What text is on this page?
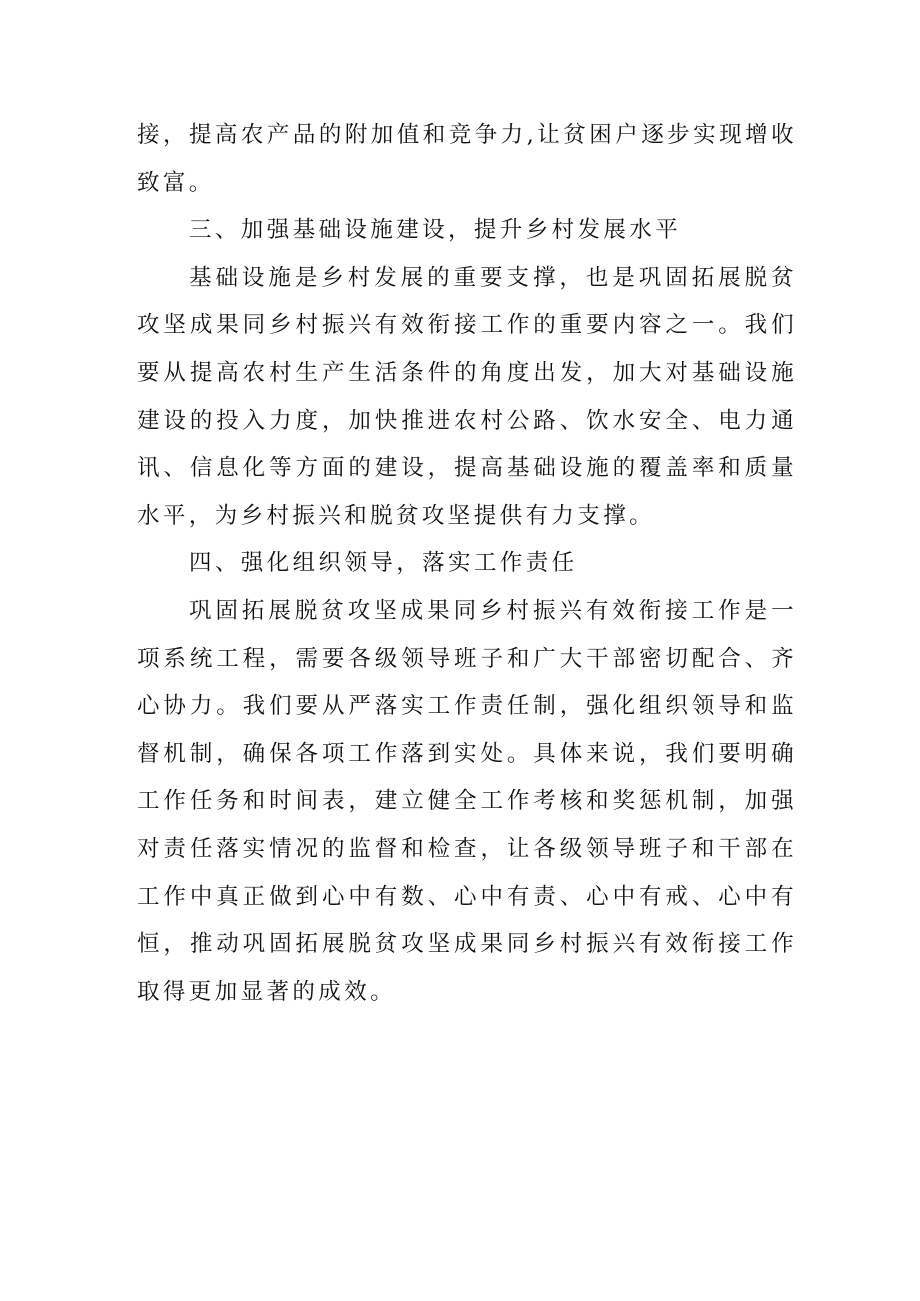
接，提高农产品的附加值和竞争力,让贫困户逐步实现增收致富。

三、加强基础设施建设，提升乡村发展水平

基础设施是乡村发展的重要支撑，也是巩固拓展脱贫攻坚成果同乡村振兴有效衔接工作的重要内容之一。我们要从提高农村生产生活条件的角度出发，加大对基础设施建设的投入力度，加快推进农村公路、饮水安全、电力通讯、信息化等方面的建设，提高基础设施的覆盖率和质量水平，为乡村振兴和脱贫攻坚提供有力支撑。

四、强化组织领导，落实工作责任

巩固拓展脱贫攻坚成果同乡村振兴有效衔接工作是一项系统工程，需要各级领导班子和广大干部密切配合、齐心协力。我们要从严落实工作责任制，强化组织领导和监督机制，确保各项工作落到实处。具体来说，我们要明确工作任务和时间表，建立健全工作考核和奖惩机制，加强对责任落实情况的监督和检查，让各级领导班子和干部在工作中真正做到心中有数、心中有责、心中有戒、心中有恒，推动巩固拓展脱贫攻坚成果同乡村振兴有效衔接工作取得更加显著的成效。
